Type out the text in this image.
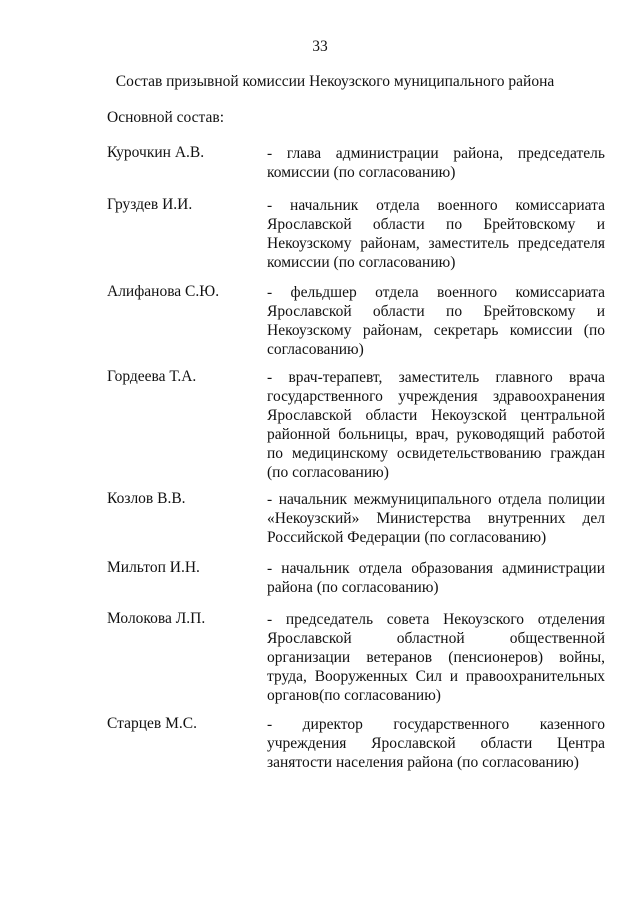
33
Состав призывной комиссии Некоузского муниципального района
Основной состав:
Курочкин А.В.	- глава администрации района, председатель комиссии (по согласованию)
Груздев И.И.	- начальник отдела военного комиссариата Ярославской области по Брейтовскому и Некоузскому районам, заместитель председателя комиссии (по согласованию)
Алифанова С.Ю.	- фельдшер отдела военного комиссариата Ярославской области по Брейтовскому и Некоузскому районам, секретарь комиссии (по согласованию)
Гордеева Т.А.	- врач-терапевт, заместитель главного врача государственного учреждения здравоохранения Ярославской области Некоузской центральной районной больницы, врач, руководящий работой по медицинскому освидетельствованию граждан (по согласованию)
Козлов В.В.	- начальник межмуниципального отдела полиции «Некоузский» Министерства внутренних дел Российской Федерации (по согласованию)
Мильтоп И.Н.	- начальник отдела образования администрации района (по согласованию)
Молокова Л.П.	- председатель совета Некоузского отделения Ярославской областной общественной организации ветеранов (пенсионеров) войны, труда, Вооруженных Сил и правоохранительных органов(по согласованию)
Старцев М.С.	- директор государственного казенного учреждения Ярославской области Центра занятости населения района (по согласованию)
